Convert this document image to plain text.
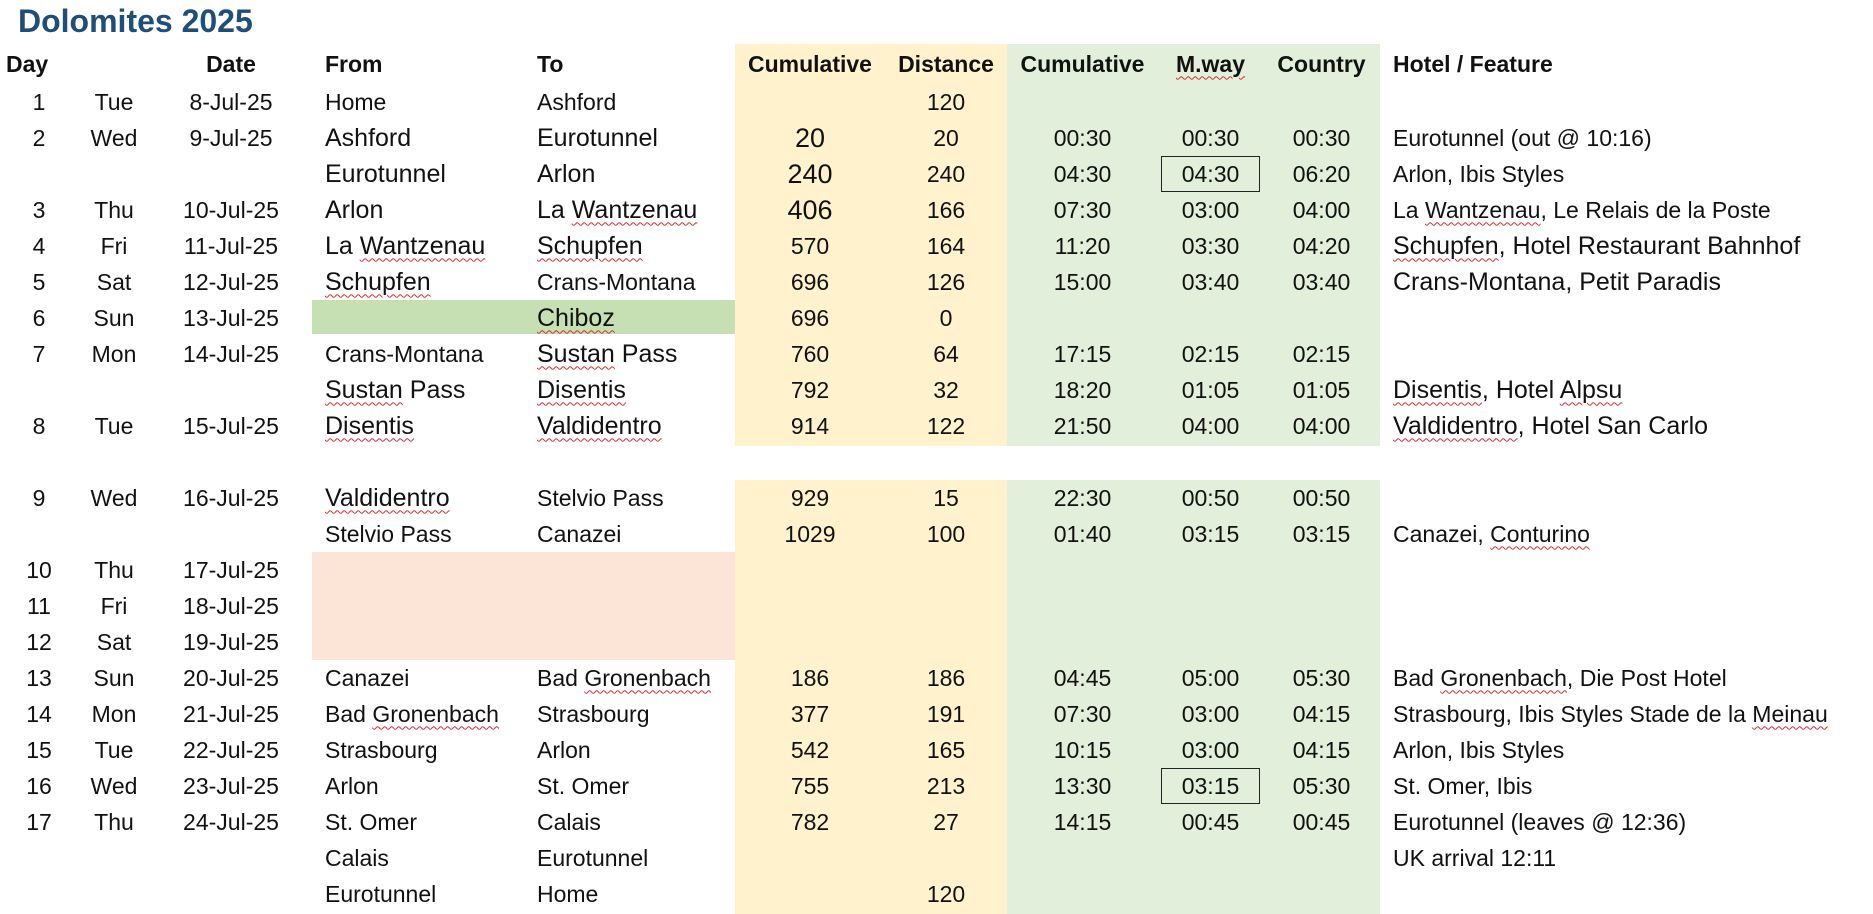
Dolomites 2025
Day		Date	From	To	Cumulative	Distance	Cumulative	M.way	Country	Hotel / Feature
1	Tue	8-Jul-25	Home	Ashford		120				
2	Wed	9-Jul-25	Ashford	Eurotunnel	20	20	00:30	00:30	00:30	Eurotunnel (out @ 10:16)
			Eurotunnel	Arlon	240	240	04:30	04:30	06:20	Arlon, Ibis Styles
3	Thu	10-Jul-25	Arlon	La Wantzenau	406	166	07:30	03:00	04:00	La Wantzenau, Le Relais de la Poste
4	Fri	11-Jul-25	La Wantzenau	Schupfen	570	164	11:20	03:30	04:20	Schupfen, Hotel Restaurant Bahnhof
5	Sat	12-Jul-25	Schupfen	Crans-Montana	696	126	15:00	03:40	03:40	Crans-Montana, Petit Paradis
6	Sun	13-Jul-25		Chiboz	696	0				
7	Mon	14-Jul-25	Crans-Montana	Sustan Pass	760	64	17:15	02:15	02:15	
			Sustan Pass	Disentis	792	32	18:20	01:05	01:05	Disentis, Hotel Alpsu
8	Tue	15-Jul-25	Disentis	Valdidentro	914	122	21:50	04:00	04:00	Valdidentro, Hotel San Carlo

9	Wed	16-Jul-25	Valdidentro	Stelvio Pass	929	15	22:30	00:50	00:50	
			Stelvio Pass	Canazei	1029	100	01:40	03:15	03:15	Canazei, Conturino
10	Thu	17-Jul-25								
11	Fri	18-Jul-25								
12	Sat	19-Jul-25								
13	Sun	20-Jul-25	Canazei	Bad Gronenbach	186	186	04:45	05:00	05:30	Bad Gronenbach, Die Post Hotel
14	Mon	21-Jul-25	Bad Gronenbach	Strasbourg	377	191	07:30	03:00	04:15	Strasbourg, Ibis Styles Stade de la Meinau
15	Tue	22-Jul-25	Strasbourg	Arlon	542	165	10:15	03:00	04:15	Arlon, Ibis Styles
16	Wed	23-Jul-25	Arlon	St. Omer	755	213	13:30	03:15	05:30	St. Omer, Ibis
17	Thu	24-Jul-25	St. Omer	Calais	782	27	14:15	00:45	00:45	Eurotunnel (leaves @ 12:36)
			Calais	Eurotunnel						UK arrival 12:11
			Eurotunnel	Home		120				
